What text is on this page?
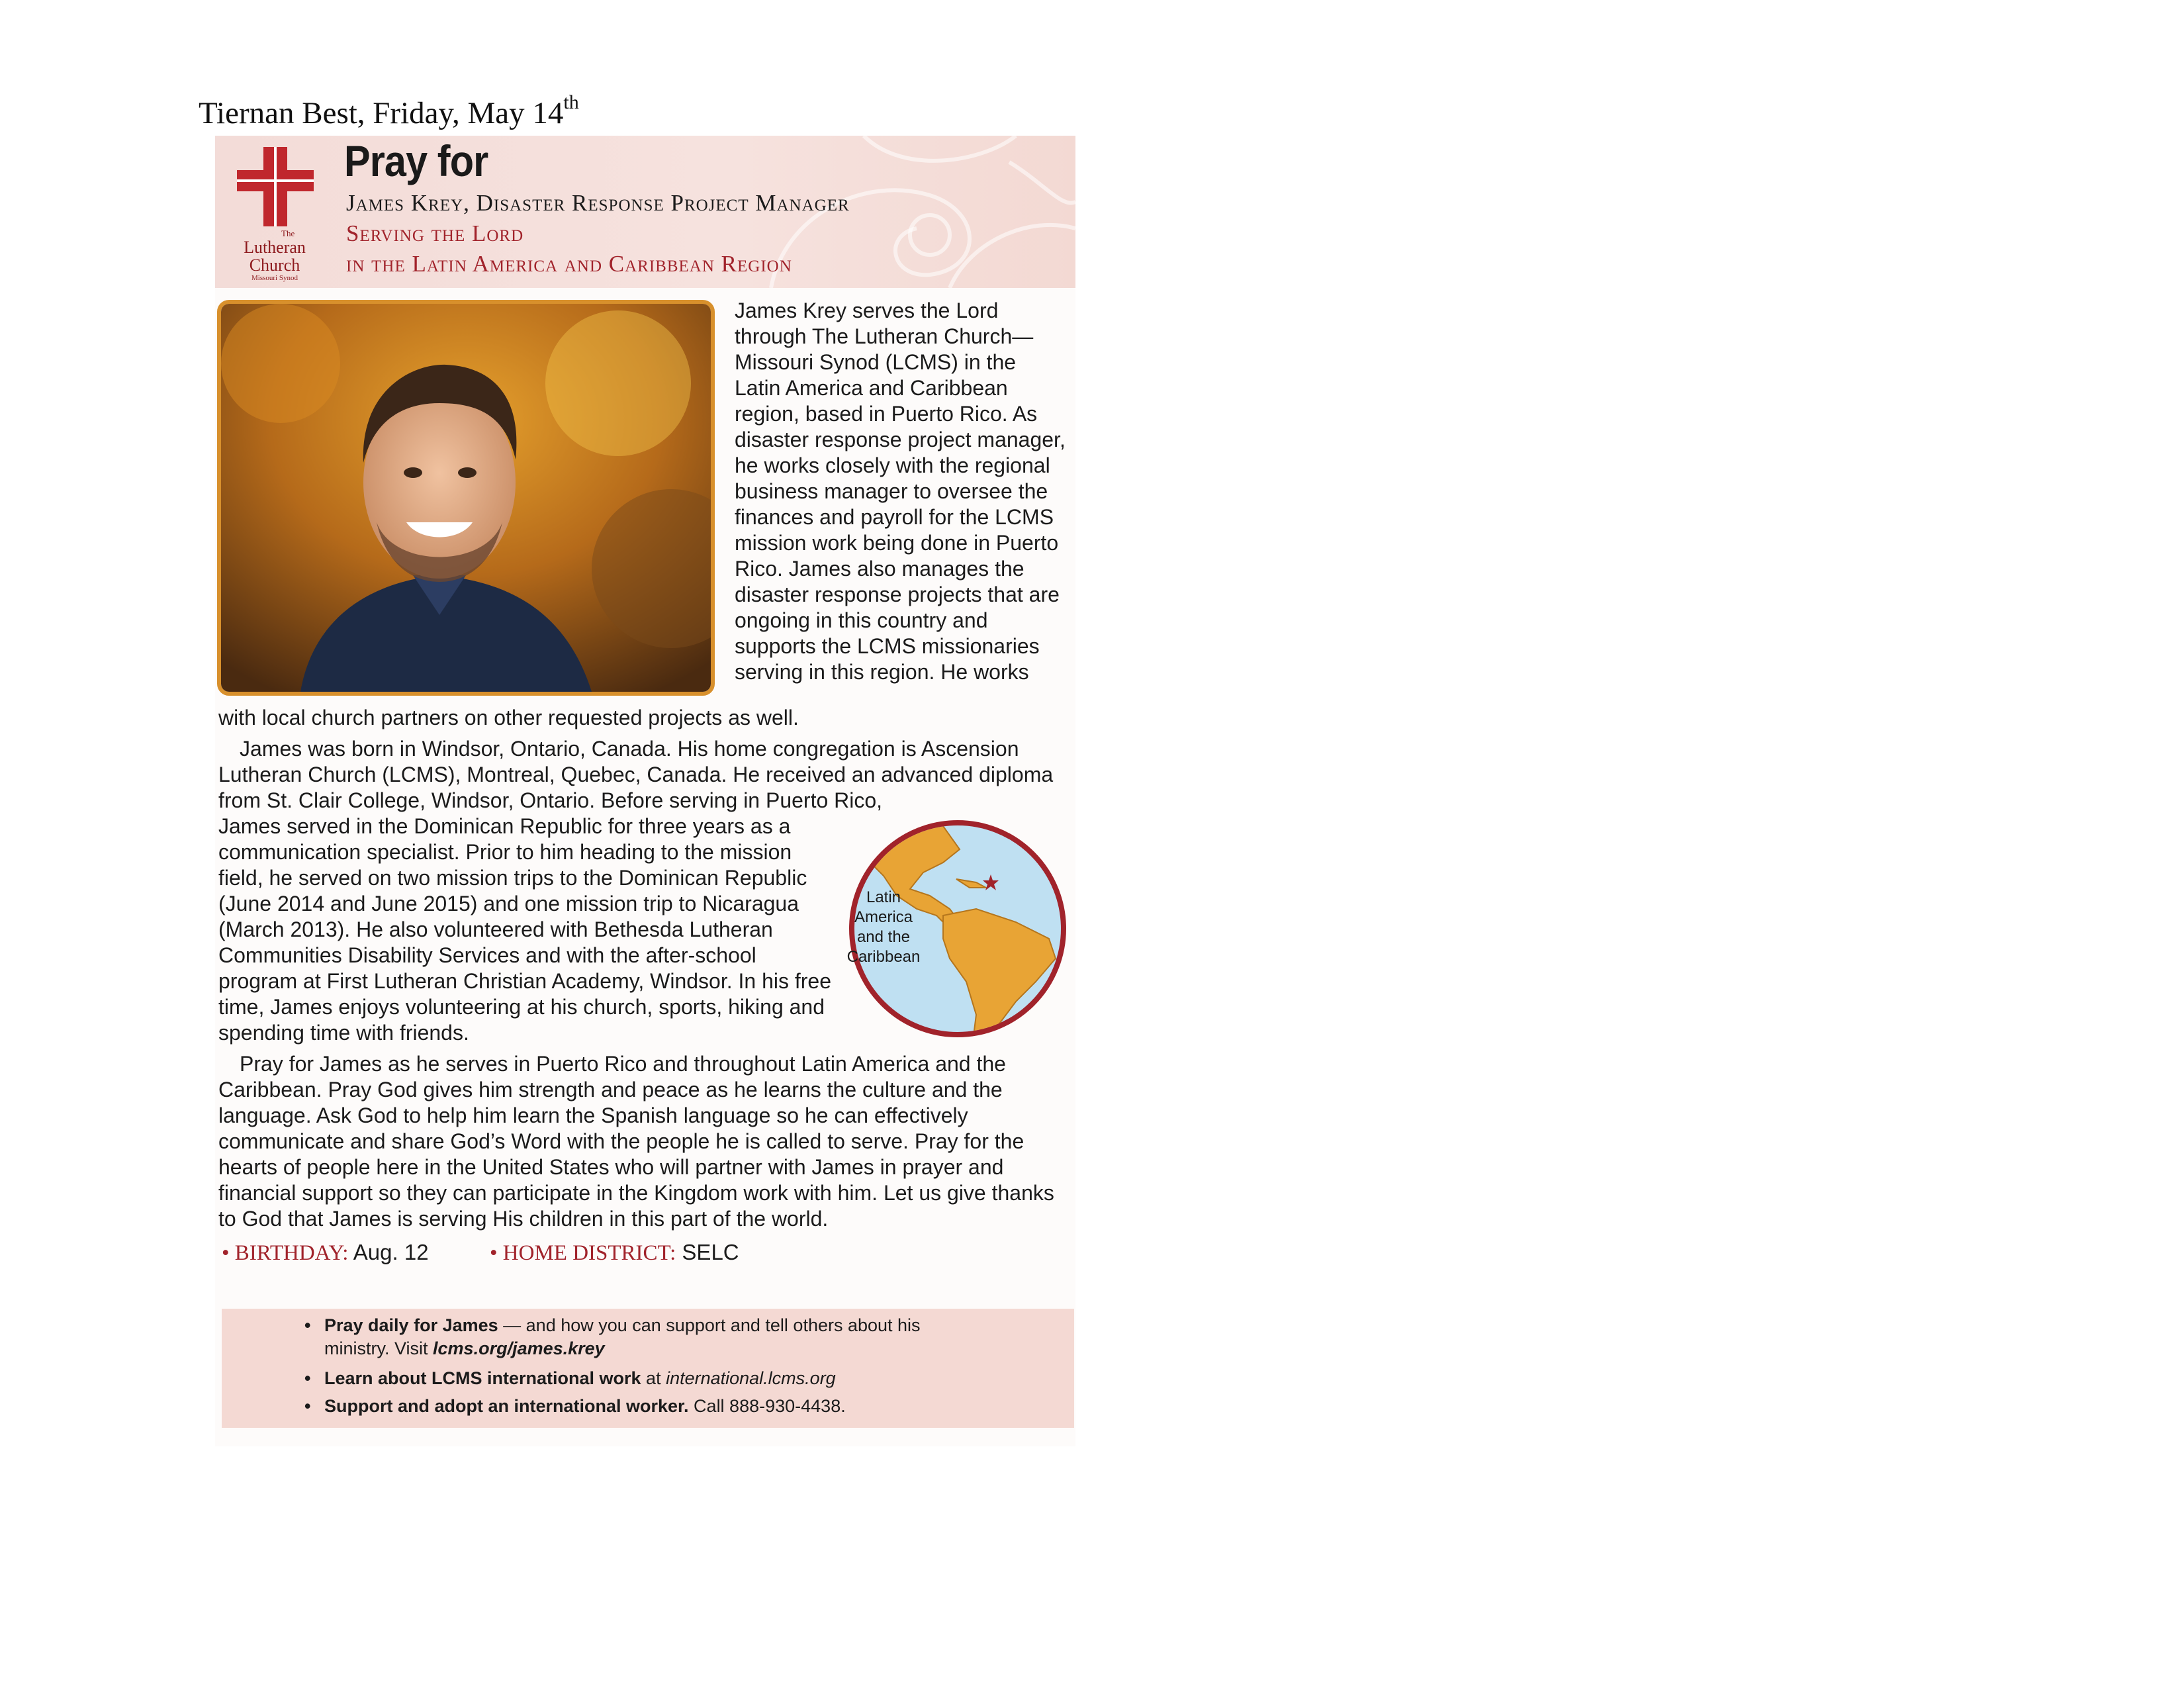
Tiernan Best, Friday, May 14th
The
Lutheran
Church
Missouri Synod
Pray for
James Krey, Disaster Response Project Manager
Serving the Lord
in the Latin America and Caribbean Region

James Krey serves the Lord through The Lutheran Church—Missouri Synod (LCMS) in the Latin America and Caribbean region, based in Puerto Rico. As disaster response project manager, he works closely with the regional business manager to oversee the finances and payroll for the LCMS mission work being done in Puerto Rico. James also manages the disaster response projects that are ongoing in this country and supports the LCMS missionaries serving in this region. He works

with local church partners on other requested projects as well.

James was born in Windsor, Ontario, Canada. His home congregation is Ascension Lutheran Church (LCMS), Montreal, Quebec, Canada. He received an advanced diploma from St. Clair College, Windsor, Ontario. Before serving in Puerto Rico,

James served in the Dominican Republic for three years as a communication specialist. Prior to him heading to the mission field, he served on two mission trips to the Dominican Republic (June 2014 and June 2015) and one mission trip to Nicaragua (March 2013). He also volunteered with Bethesda Lutheran Communities Disability Services and with the after-school program at First Lutheran Christian Academy, Windsor. In his free time, James enjoys volunteering at his church, sports, hiking and spending time with friends.

Latin
America
and the
Caribbean

Pray for James as he serves in Puerto Rico and throughout Latin America and the Caribbean. Pray God gives him strength and peace as he learns the culture and the language. Ask God to help him learn the Spanish language so he can effectively communicate and share God’s Word with the people he is called to serve. Pray for the hearts of people here in the United States who will partner with James in prayer and financial support so they can participate in the Kingdom work with him. Let us give thanks to God that James is serving His children in this part of the world.

• BIRTHDAY: Aug. 12	• HOME DISTRICT: SELC
• Pray daily for James — and how you can support and tell others about his ministry. Visit lcms.org/james.krey
• Learn about LCMS international work at international.lcms.org
• Support and adopt an international worker. Call 888-930-4438.
